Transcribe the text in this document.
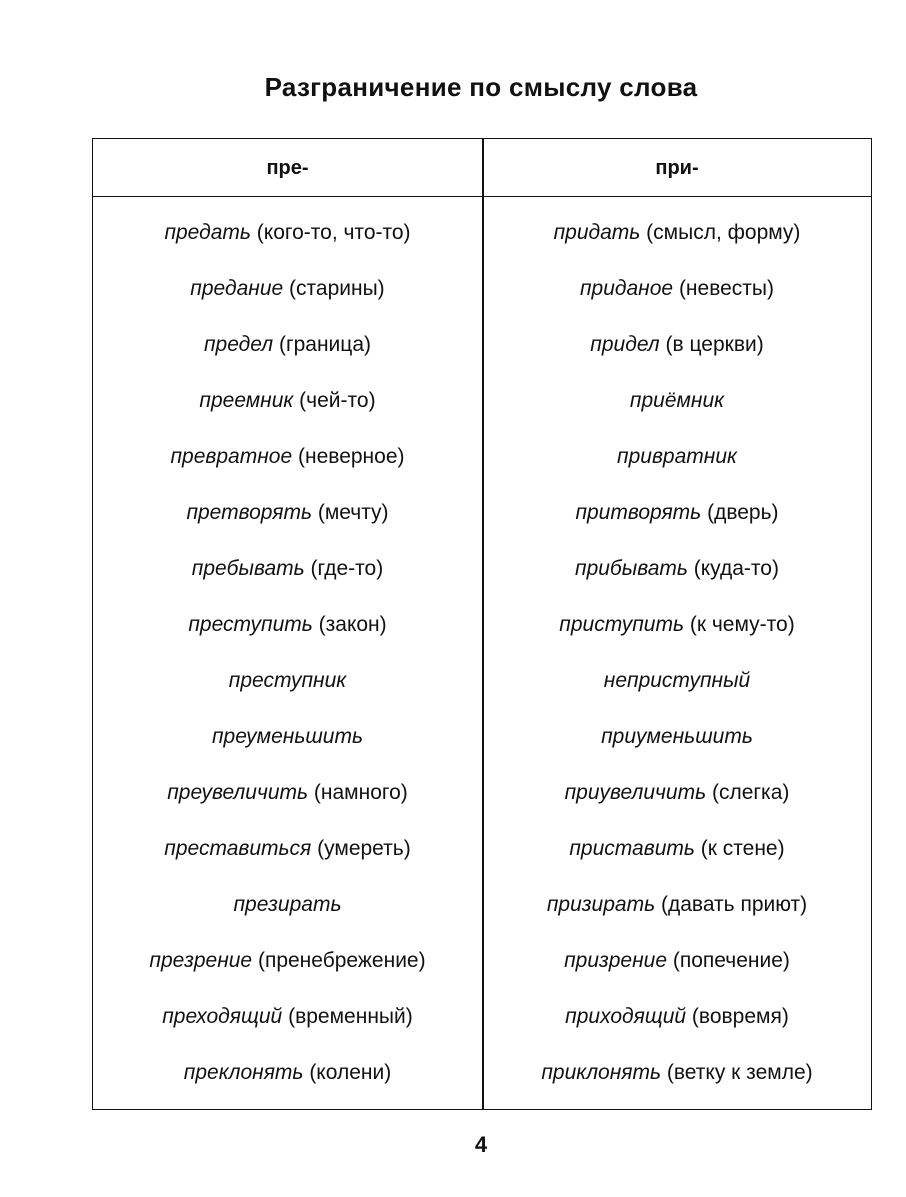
Разграничение по смыслу слова
пре-	при-
предать (кого-то, что-то)	придать (смысл, форму)
предание (старины)	приданое (невесты)
предел (граница)	придел (в церкви)
преемник (чей-то)	приёмник
превратное (неверное)	привратник
претворять (мечту)	притворять (дверь)
пребывать (где-то)	прибывать (куда-то)
преступить (закон)	приступить (к чему-то)
преступник	неприступный
преуменьшить	приуменьшить
преувеличить (намного)	приувеличить (слегка)
преставиться (умереть)	приставить (к стене)
презирать	призирать (давать приют)
презрение (пренебрежение)	призрение (попечение)
преходящий (временный)	приходящий (вовремя)
преклонять (колени)	приклонять (ветку к земле)
4
